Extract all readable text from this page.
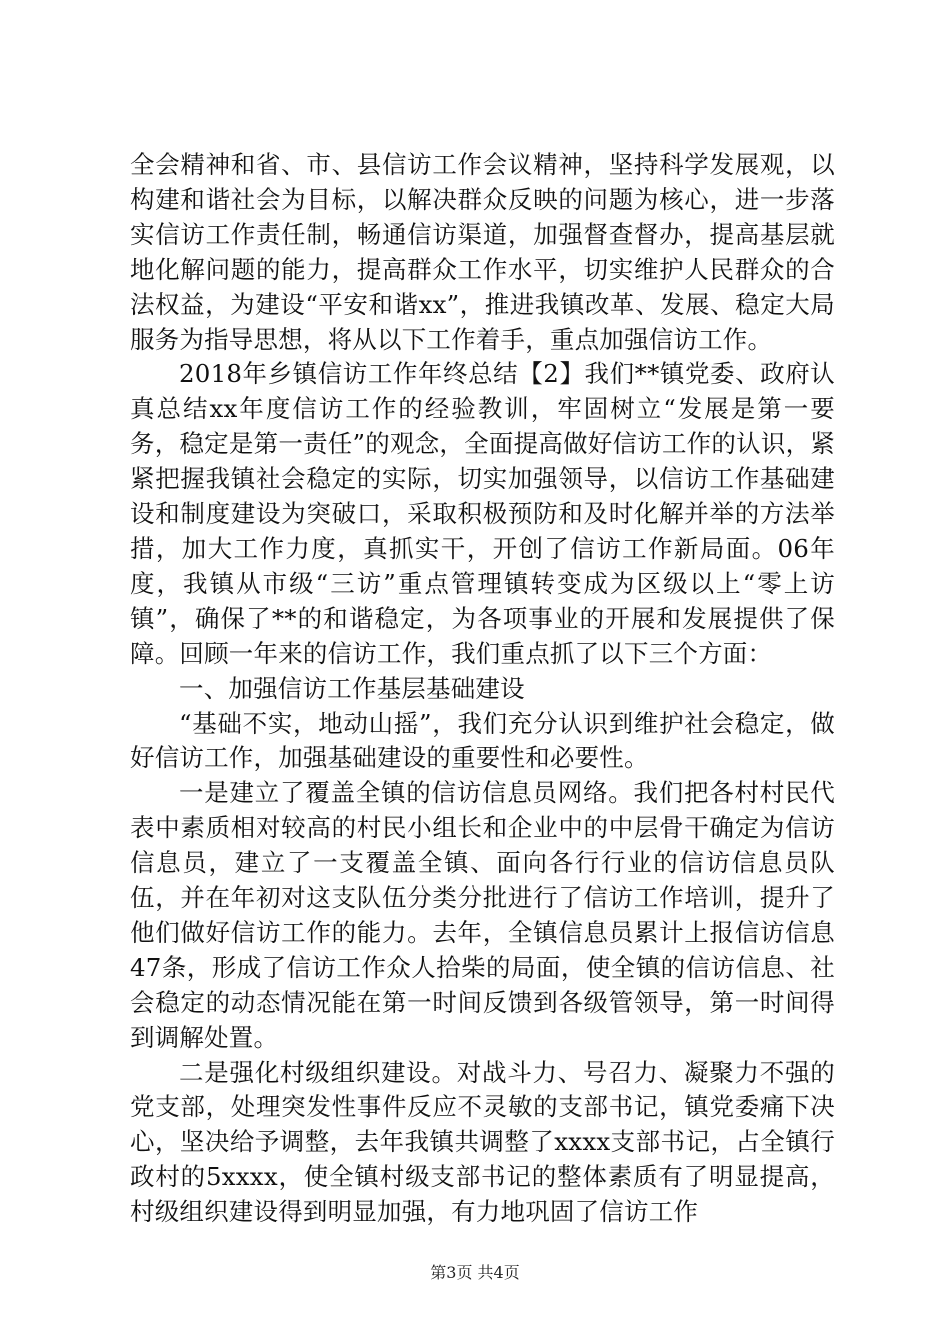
全会精神和省、市、县信访工作会议精神，坚持科学发展观，以构建和谐社会为目标，以解决群众反映的问题为核心，进一步落实信访工作责任制，畅通信访渠道，加强督查督办，提高基层就地化解问题的能力，提高群众工作水平，切实维护人民群众的合法权益，为建设“平安和谐xx”，推进我镇改革、发展、稳定大局服务为指导思想，将从以下工作着手，重点加强信访工作。

2018年乡镇信访工作年终总结【2】我们**镇党委、政府认真总结xx年度信访工作的经验教训，牢固树立“发展是第一要务，稳定是第一责任”的观念，全面提高做好信访工作的认识，紧紧把握我镇社会稳定的实际，切实加强领导，以信访工作基础建设和制度建设为突破口，采取积极预防和及时化解并举的方法举措，加大工作力度，真抓实干，开创了信访工作新局面。06年度，我镇从市级“三访”重点管理镇转变成为区级以上“零上访镇”，确保了**的和谐稳定，为各项事业的开展和发展提供了保障。回顾一年来的信访工作，我们重点抓了以下三个方面：

一、加强信访工作基层基础建设

“基础不实，地动山摇”，我们充分认识到维护社会稳定，做好信访工作，加强基础建设的重要性和必要性。

一是建立了覆盖全镇的信访信息员网络。我们把各村村民代表中素质相对较高的村民小组长和企业中的中层骨干确定为信访信息员，建立了一支覆盖全镇、面向各行行业的信访信息员队伍，并在年初对这支队伍分类分批进行了信访工作培训，提升了他们做好信访工作的能力。去年，全镇信息员累计上报信访信息47条，形成了信访工作众人拾柴的局面，使全镇的信访信息、社会稳定的动态情况能在第一时间反馈到各级管领导，第一时间得到调解处置。

二是强化村级组织建设。对战斗力、号召力、凝聚力不强的党支部，处理突发性事件反应不灵敏的支部书记，镇党委痛下决心，坚决给予调整，去年我镇共调整了xxxx支部书记，占全镇行政村的5xxxx，使全镇村级支部书记的整体素质有了明显提高，村级组织建设得到明显加强，有力地巩固了信访工作

第3页 共4页
